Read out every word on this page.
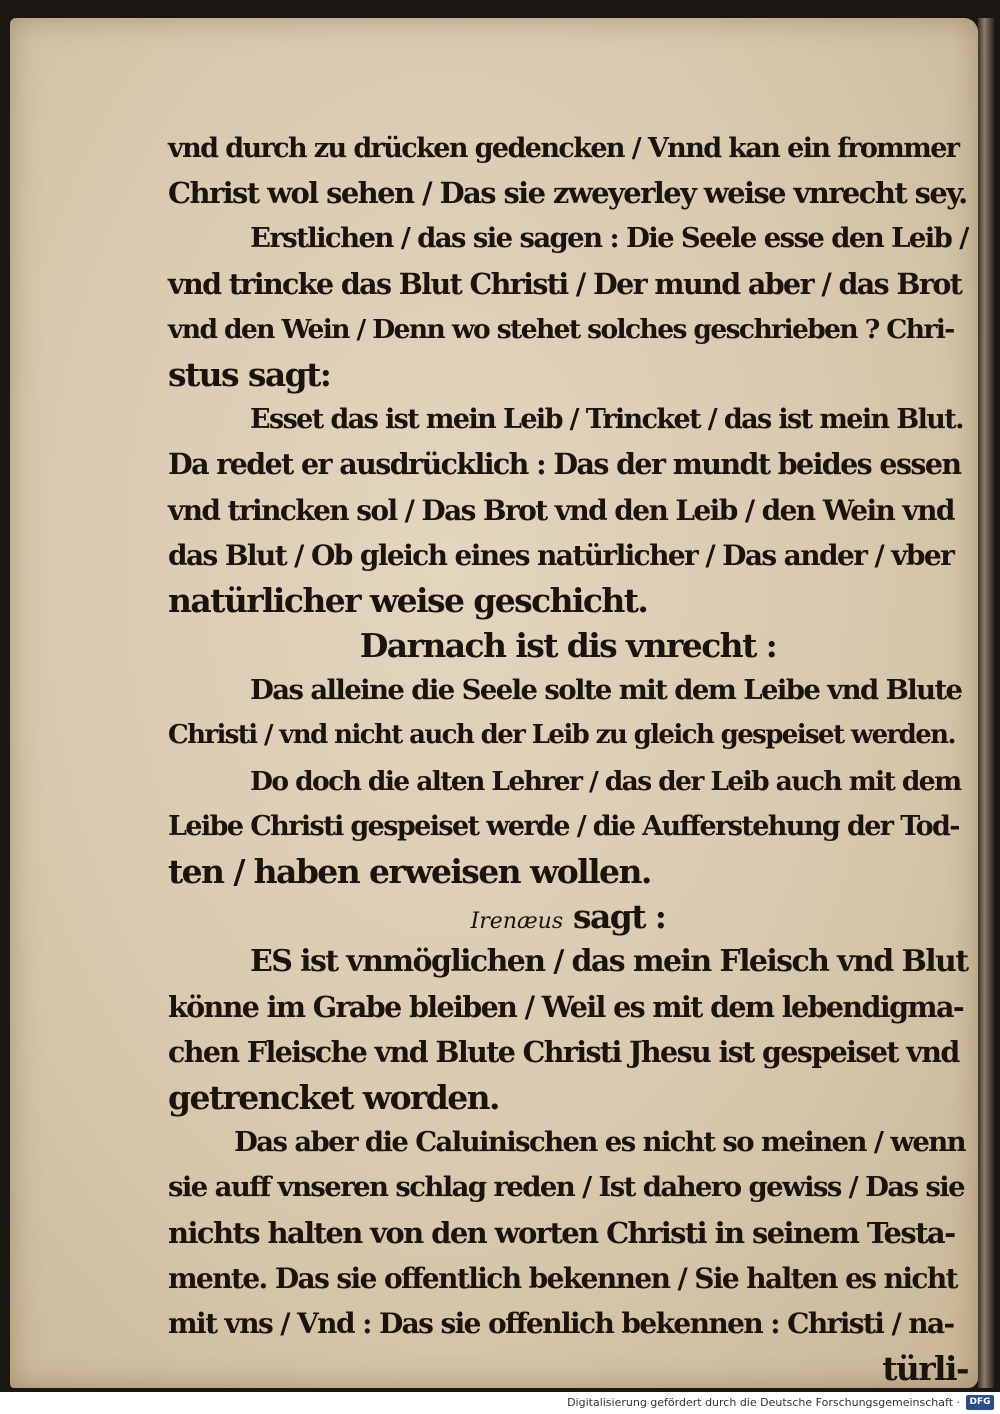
vnd durch zu drücken gedencken / Vnnd kan ein frommer
Christ wol sehen / Das sie zweyerley weise vnrecht sey.
Erstlichen / das sie sagen : Die Seele esse den Leib /
vnd trincke das Blut Christi / Der mund aber / das Brot
vnd den Wein / Denn wo stehet solches geschrieben ? Chri-
stus sagt:
Esset das ist mein Leib / Trincket / das ist mein Blut.
Da redet er ausdrücklich : Das der mundt beides essen
vnd trincken sol / Das Brot vnd den Leib / den Wein vnd
das Blut / Ob gleich eines natürlicher / Das ander / vber
natürlicher weise geschicht.
Darnach ist dis vnrecht :
Das alleine die Seele solte mit dem Leibe vnd Blute
Christi / vnd nicht auch der Leib zu gleich gespeiset werden.
Do doch die alten Lehrer / das der Leib auch mit dem
Leibe Christi gespeiset werde / die Aufferstehung der Tod-
ten / haben erweisen wollen.
Irenæus sagt :
ES ist vnmöglichen / das mein Fleisch vnd Blut
könne im Grabe bleiben / Weil es mit dem lebendigma-
chen Fleische vnd Blute Christi Jhesu ist gespeiset vnd
getrencket worden.
Das aber die Caluinischen es nicht so meinen / wenn
sie auff vnseren schlag reden / Ist dahero gewiss / Das sie
nichts halten von den worten Christi in seinem Testa-
mente. Das sie offentlich bekennen / Sie halten es nicht
mit vns / Vnd : Das sie offenlich bekennen : Christi / na-
türli-
Digitalisierung gefördert durch die Deutsche Forschungsgemeinschaft ·	DFG
